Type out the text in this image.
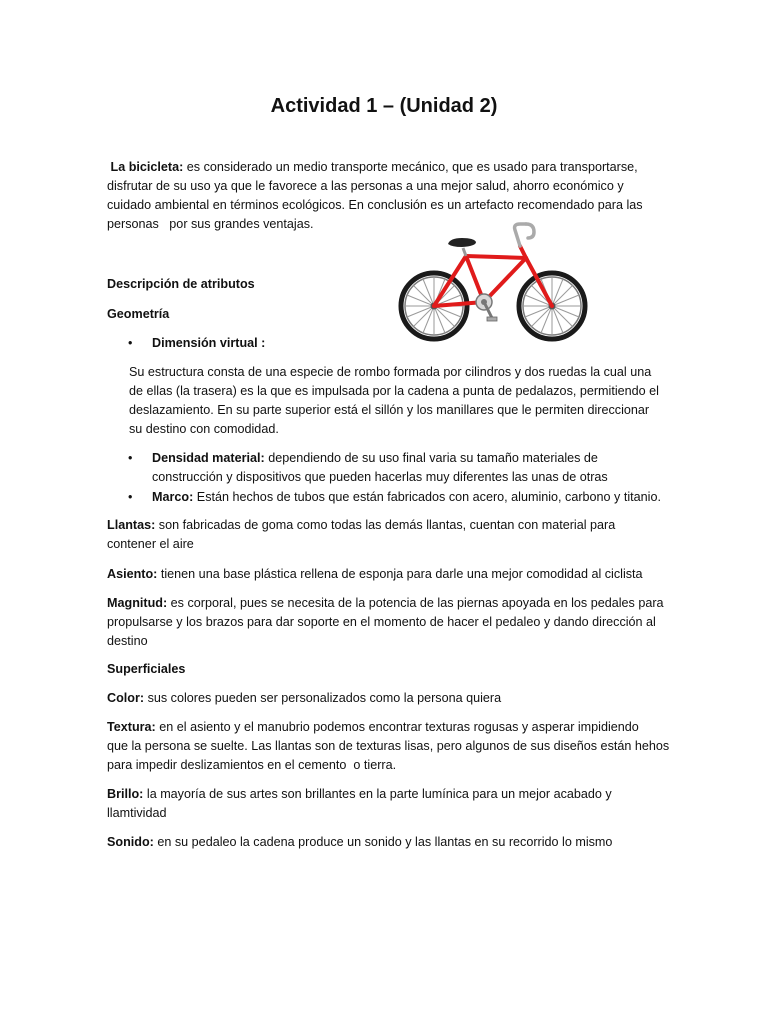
Actividad 1 – (Unidad 2)
La bicicleta: es considerado un medio transporte mecánico, que es usado para transportarse,
disfrutar de su uso ya que le favorece a las personas a una mejor salud, ahorro económico y
cuidado ambiental en términos ecológicos. En conclusión es un artefacto recomendado para las
personas   por sus grandes ventajas.
Descripción de atributos
Geometría
• Dimensión virtual :
Su estructura consta de una especie de rombo formada por cilindros y dos ruedas la cual una
de ellas (la trasera) es la que es impulsada por la cadena a punta de pedalazos, permitiendo el
deslazamiento. En su parte superior está el sillón y los manillares que le permiten direccionar
su destino con comodidad.
• Densidad material: dependiendo de su uso final varia su tamaño materiales de
construcción y dispositivos que pueden hacerlas muy diferentes las unas de otras
• Marco: Están hechos de tubos que están fabricados con acero, aluminio, carbono y titanio.
Llantas: son fabricadas de goma como todas las demás llantas, cuentan con material para
contener el aire
Asiento: tienen una base plástica rellena de esponja para darle una mejor comodidad al ciclista
Magnitud: es corporal, pues se necesita de la potencia de las piernas apoyada en los pedales para
propulsarse y los brazos para dar soporte en el momento de hacer el pedaleo y dando dirección al
destino
Superficiales
Color: sus colores pueden ser personalizados como la persona quiera
Textura: en el asiento y el manubrio podemos encontrar texturas rogusas y asperar impidiendo
que la persona se suelte. Las llantas son de texturas lisas, pero algunos de sus diseños están hehos
para impedir deslizamientos en el cemento  o tierra.
Brillo: la mayoría de sus artes son brillantes en la parte lumínica para un mejor acabado y
llamtividad
Sonido: en su pedaleo la cadena produce un sonido y las llantas en su recorrido lo mismo
